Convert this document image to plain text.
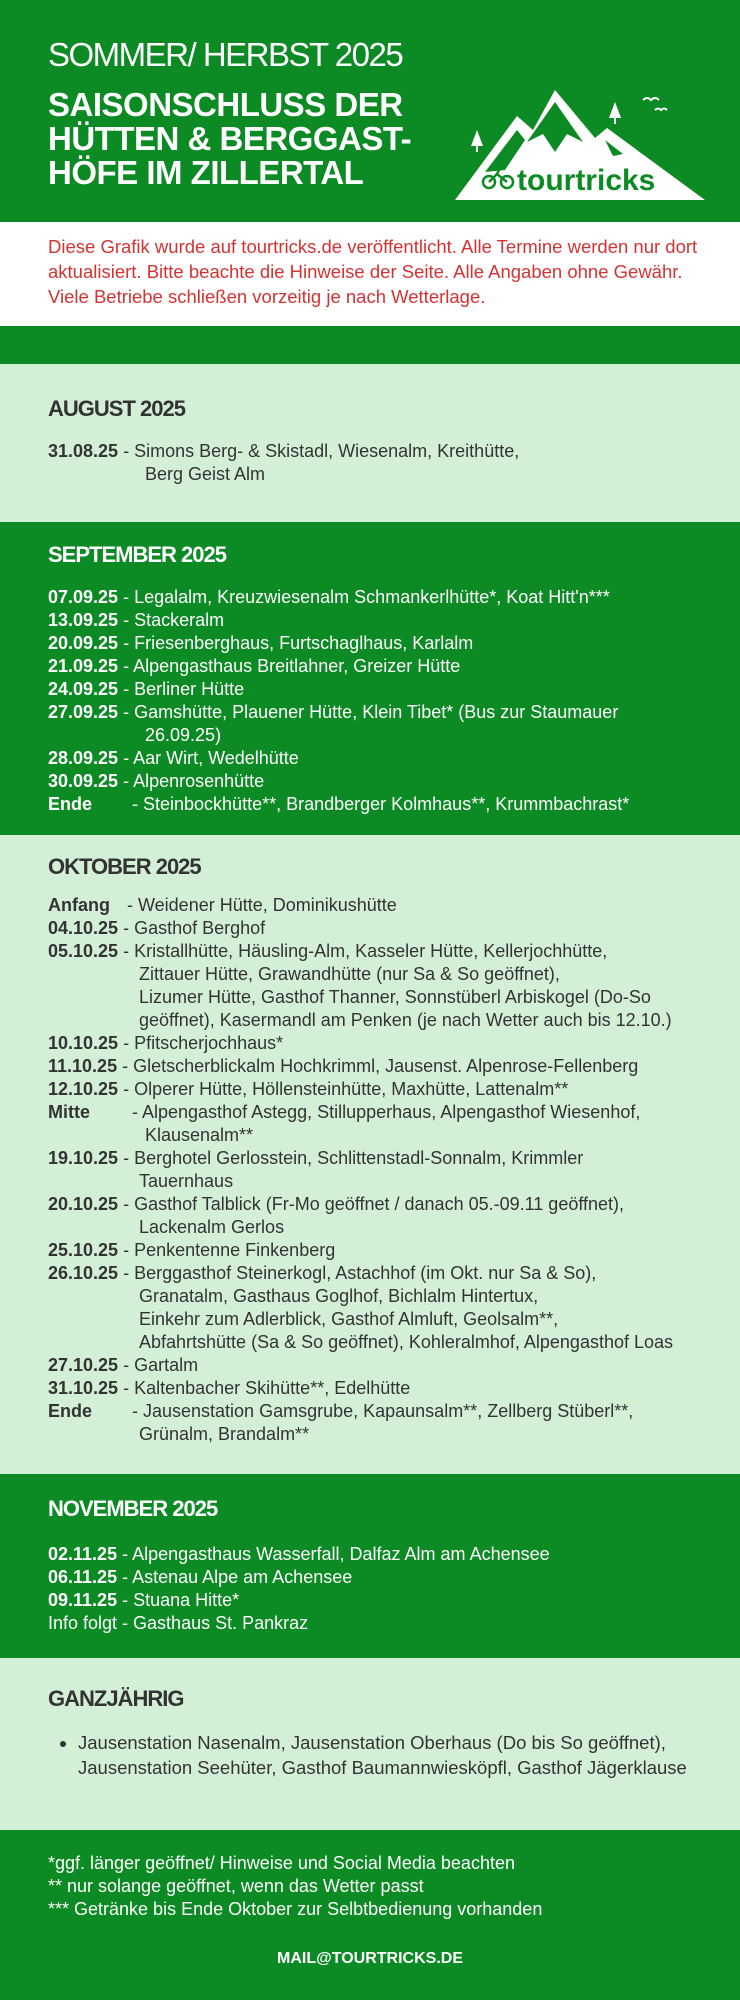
SOMMER/ HERBST 2025
SAISONSCHLUSS DER
HÜTTEN & BERGGAST-
HÖFE IM ZILLERTAL	tourtricks

Diese Grafik wurde auf tourtricks.de veröffentlicht. Alle Termine werden nur dort aktualisiert. Bitte beachte die Hinweise der Seite. Alle Angaben ohne Gewähr. Viele Betriebe schließen vorzeitig je nach Wetterlage.

AUGUST 2025
31.08.25 - Simons Berg- & Skistadl, Wiesenalm, Kreithütte,
Berg Geist Alm
SEPTEMBER 2025
07.09.25 - Legalalm, Kreuzwiesenalm Schmankerlhütte*, Koat Hitt'n***
13.09.25 - Stackeralm
20.09.25 - Friesenberghaus, Furtschaglhaus, Karlalm
21.09.25 - Alpengasthaus Breitlahner, Greizer Hütte
24.09.25 - Berliner Hütte
27.09.25 - Gamshütte, Plauener Hütte, Klein Tibet* (Bus zur Staumauer
26.09.25)
28.09.25 - Aar Wirt, Wedelhütte
30.09.25 - Alpenrosenhütte
Ende - Steinbockhütte**, Brandberger Kolmhaus**, Krummbachrast*
OKTOBER 2025
Anfang - Weidener Hütte, Dominikushütte
04.10.25 - Gasthof Berghof
05.10.25 - Kristallhütte, Häusling-Alm, Kasseler Hütte, Kellerjochhütte,
Zittauer Hütte, Grawandhütte (nur Sa & So geöffnet),
Lizumer Hütte, Gasthof Thanner, Sonnstüberl Arbiskogel (Do-So
geöffnet), Kasermandl am Penken (je nach Wetter auch bis 12.10.)
10.10.25 - Pfitscherjochhaus*
11.10.25 - Gletscherblickalm Hochkrimml, Jausenst. Alpenrose-Fellenberg
12.10.25 - Olperer Hütte, Höllensteinhütte, Maxhütte, Lattenalm**
Mitte - Alpengasthof Astegg, Stillupperhaus, Alpengasthof Wiesenhof,
Klausenalm**
19.10.25 - Berghotel Gerlosstein, Schlittenstadl-Sonnalm, Krimmler
Tauernhaus
20.10.25 - Gasthof Talblick (Fr-Mo geöffnet / danach 05.-09.11 geöffnet),
Lackenalm Gerlos
25.10.25 - Penkentenne Finkenberg
26.10.25 - Berggasthof Steinerkogl, Astachhof (im Okt. nur Sa & So),
Granatalm, Gasthaus Goglhof, Bichlalm Hintertux,
Einkehr zum Adlerblick, Gasthof Almluft, Geolsalm**,
Abfahrtshütte (Sa & So geöffnet), Kohleralmhof, Alpengasthof Loas
27.10.25 - Gartalm
31.10.25 - Kaltenbacher Skihütte**, Edelhütte
Ende - Jausenstation Gamsgrube, Kapaunsalm**, Zellberg Stüberl**,
Grünalm, Brandalm**
NOVEMBER 2025
02.11.25 - Alpengasthaus Wasserfall, Dalfaz Alm am Achensee
06.11.25 - Astenau Alpe am Achensee
09.11.25 - Stuana Hitte*
Info folgt - Gasthaus St. Pankraz
GANZJÄHRIG
• Jausenstation Nasenalm, Jausenstation Oberhaus (Do bis So geöffnet), Jausenstation Seehüter, Gasthof Baumannwiesköpfl, Gasthof Jägerklause
*ggf. länger geöffnet/ Hinweise und Social Media beachten
** nur solange geöffnet, wenn das Wetter passt
*** Getränke bis Ende Oktober zur Selbtbedienung vorhanden
MAIL@TOURTRICKS.DE
